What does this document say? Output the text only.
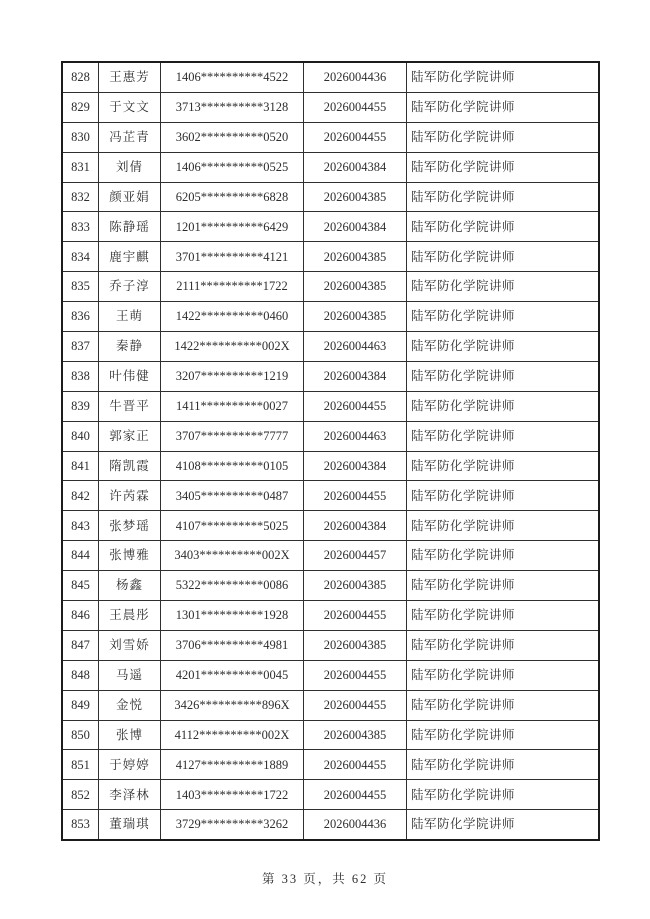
828	王惠芳	1406**********4522	2026004436	陆军防化学院讲师
829	于文文	3713**********3128	2026004455	陆军防化学院讲师
830	冯芷青	3602**********0520	2026004455	陆军防化学院讲师
831	刘倩	1406**********0525	2026004384	陆军防化学院讲师
832	颜亚娟	6205**********6828	2026004385	陆军防化学院讲师
833	陈静瑶	1201**********6429	2026004384	陆军防化学院讲师
834	鹿宇麒	3701**********4121	2026004385	陆军防化学院讲师
835	乔子淳	2111**********1722	2026004385	陆军防化学院讲师
836	王萌	1422**********0460	2026004385	陆军防化学院讲师
837	秦静	1422**********002X	2026004463	陆军防化学院讲师
838	叶伟健	3207**********1219	2026004384	陆军防化学院讲师
839	牛晋平	1411**********0027	2026004455	陆军防化学院讲师
840	郭家正	3707**********7777	2026004463	陆军防化学院讲师
841	隋凯霞	4108**********0105	2026004384	陆军防化学院讲师
842	许芮霖	3405**********0487	2026004455	陆军防化学院讲师
843	张梦瑶	4107**********5025	2026004384	陆军防化学院讲师
844	张博雅	3403**********002X	2026004457	陆军防化学院讲师
845	杨鑫	5322**********0086	2026004385	陆军防化学院讲师
846	王晨彤	1301**********1928	2026004455	陆军防化学院讲师
847	刘雪娇	3706**********4981	2026004385	陆军防化学院讲师
848	马遥	4201**********0045	2026004455	陆军防化学院讲师
849	金悦	3426**********896X	2026004455	陆军防化学院讲师
850	张博	4112**********002X	2026004385	陆军防化学院讲师
851	于婷婷	4127**********1889	2026004455	陆军防化学院讲师
852	李泽林	1403**********1722	2026004455	陆军防化学院讲师
853	董瑞琪	3729**********3262	2026004436	陆军防化学院讲师
第 33 页，共 62 页
